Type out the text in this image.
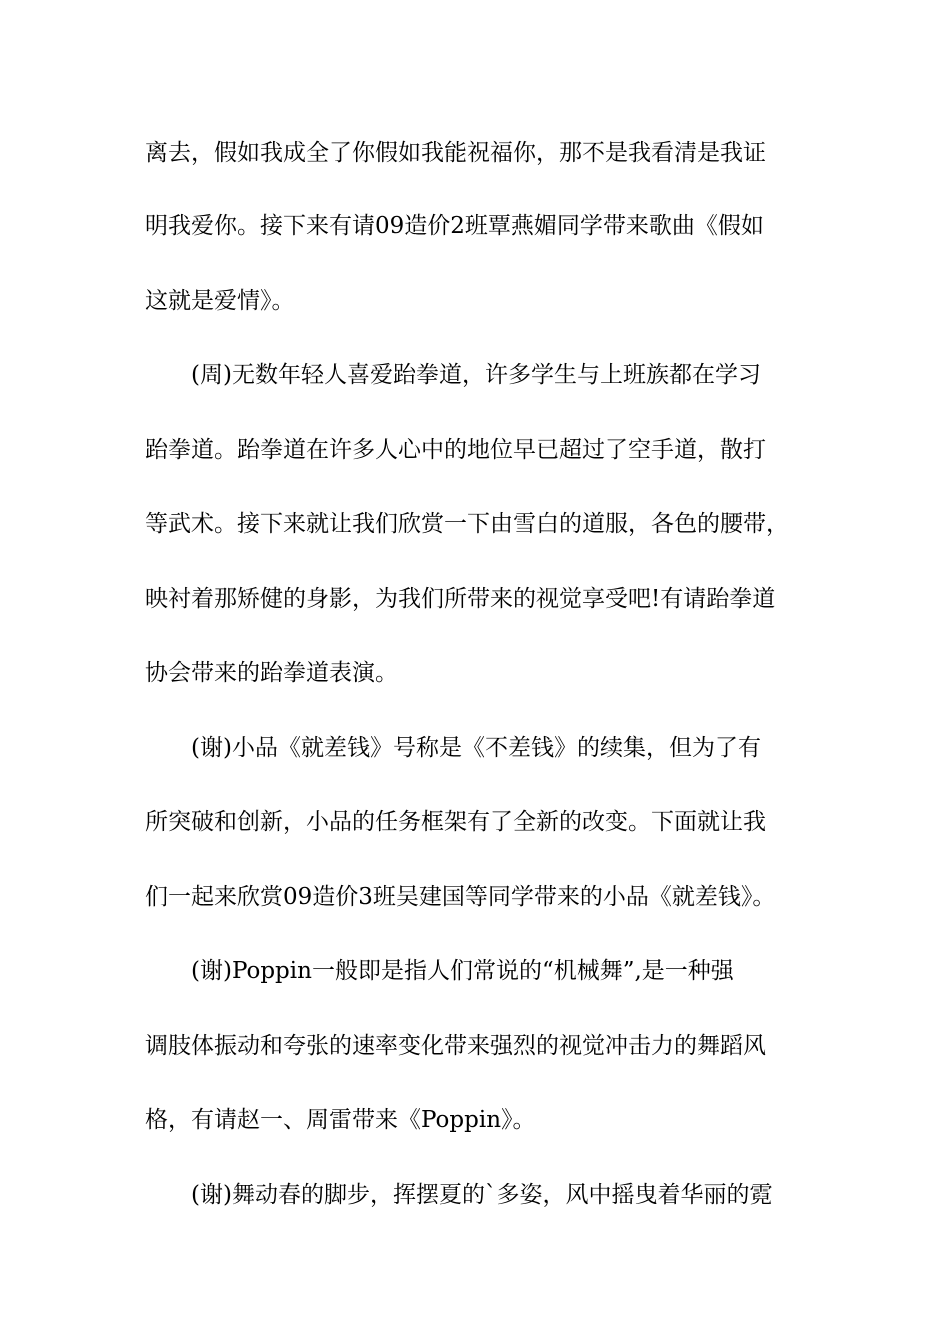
离去，假如我成全了你假如我能祝福你，那不是我看清是我证
明我爱你。接下来有请09造价2班覃燕媚同学带来歌曲《假如
这就是爱情》。
(周)无数年轻人喜爱跆拳道，许多学生与上班族都在学习
跆拳道。跆拳道在许多人心中的地位早已超过了空手道，散打
等武术。接下来就让我们欣赏一下由雪白的道服，各色的腰带，
映衬着那矫健的身影，为我们所带来的视觉享受吧!有请跆拳道
协会带来的跆拳道表演。
(谢)小品《就差钱》号称是《不差钱》的续集，但为了有
所突破和创新，小品的任务框架有了全新的改变。下面就让我
们一起来欣赏09造价3班吴建国等同学带来的小品《就差钱》。
(谢)Poppin一般即是指人们常说的“机械舞”,是一种强
调肢体振动和夸张的速率变化带来强烈的视觉冲击力的舞蹈风
格，有请赵一、周雷带来《Poppin》。
(谢)舞动春的脚步，挥摆夏的`多姿，风中摇曳着华丽的霓
